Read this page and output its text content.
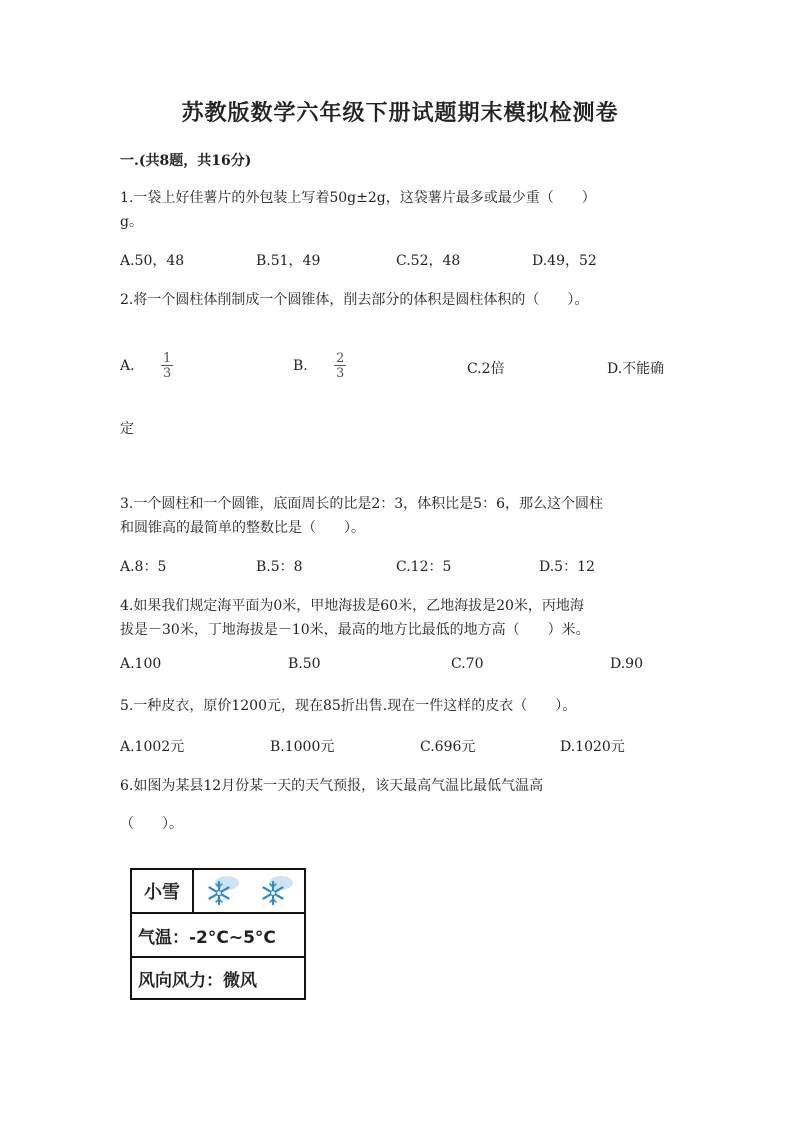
苏教版数学六年级下册试题期末模拟检测卷
一.(共8题，共16分)
1.一袋上好佳薯片的外包装上写着50g±2g，这袋薯片最多或最少重（　　）
g。
A.50，48	B.51，49	C.52，48	D.49，52
2.将一个圆柱体削制成一个圆锥体，削去部分的体积是圆柱体积的（　　）。
A. $\frac{1}{3}$	B. $\frac{2}{3}$	C.2倍	D.不能确
定
3.一个圆柱和一个圆锥，底面周长的比是2：3，体积比是5：6，那么这个圆柱
和圆锥高的最简单的整数比是（　　）。
A.8：5	B.5：8	C.12：5	D.5：12
4.如果我们规定海平面为0米，甲地海拔是60米，乙地海拔是20米，丙地海
拔是－30米，丁地海拔是－10米，最高的地方比最低的地方高（　　）米。
A.100	B.50	C.70	D.90
5.一种皮衣，原价1200元，现在85折出售.现在一件这样的皮衣（　　）。
A.1002元	B.1000元	C.696元	D.1020元
6.如图为某县12月份某一天的天气预报，该天最高气温比最低气温高
（　　）。
小雪
气温：-2°C~5°C
风向风力：微风
